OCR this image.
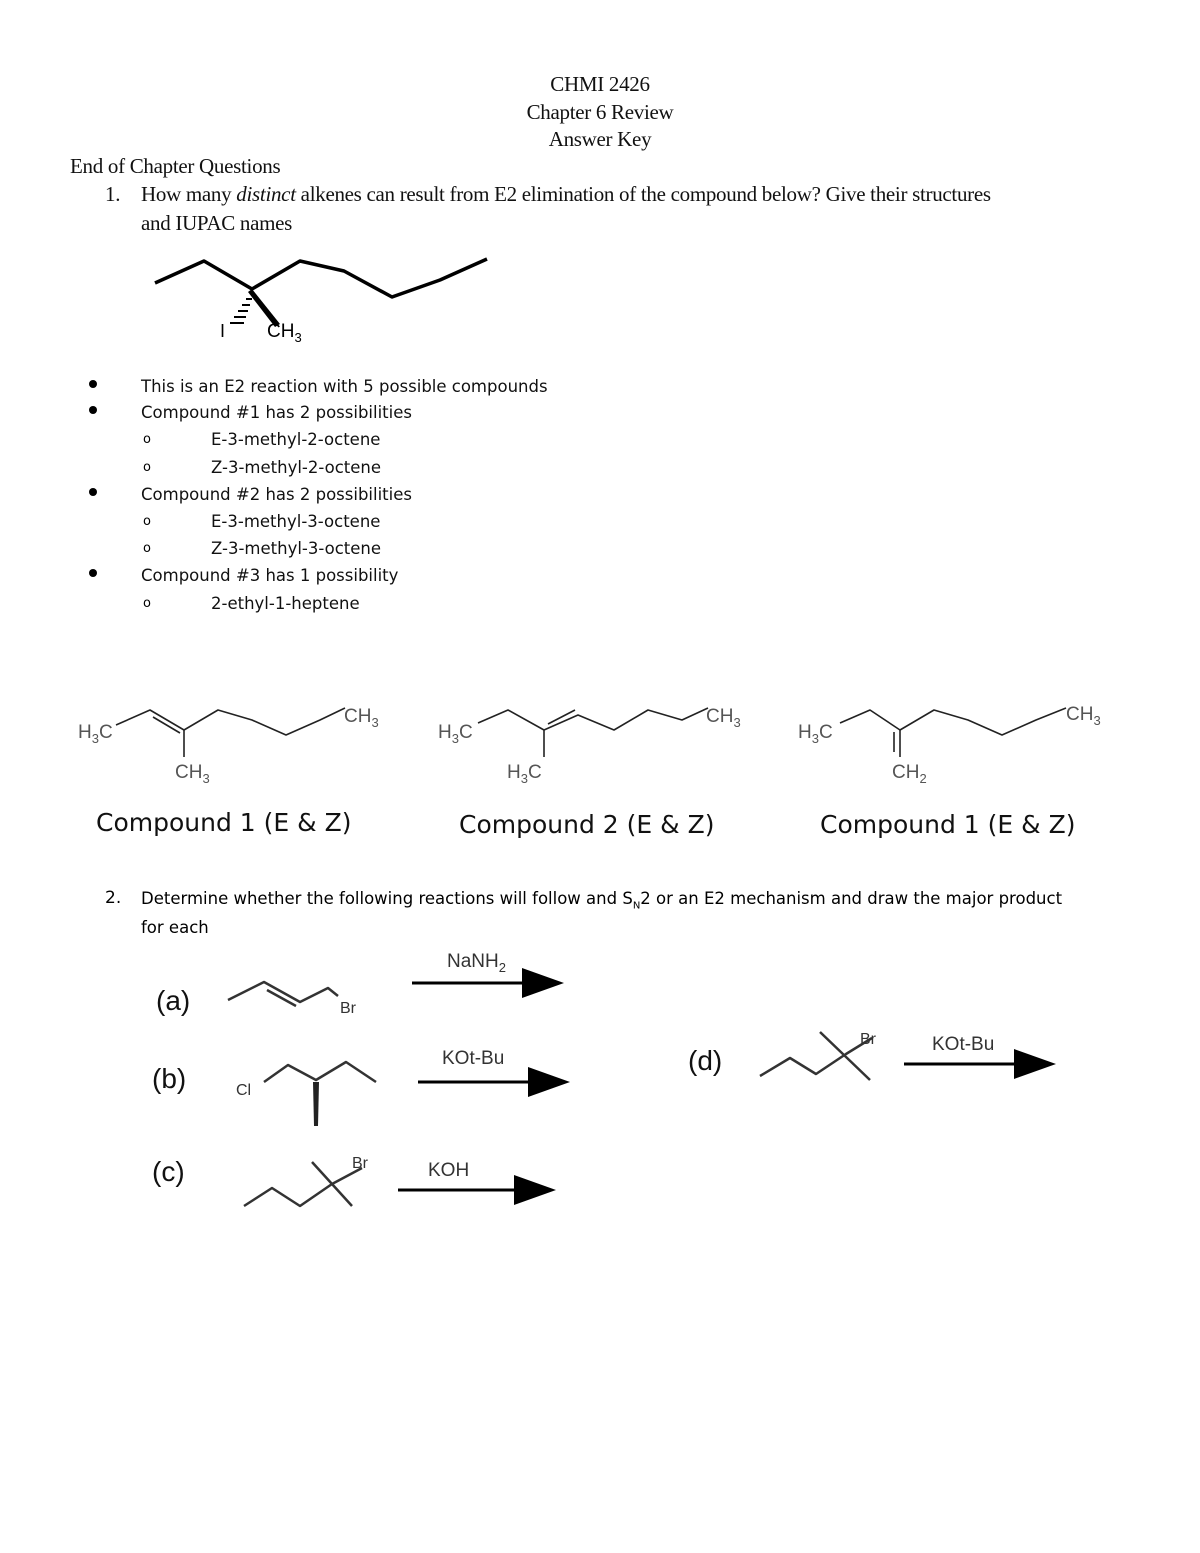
CHMI 2426
Chapter 6 Review
Answer Key
End of Chapter Questions
1. How many distinct alkenes can result from E2 elimination of the compound below? Give their structures
and IUPAC names
I $CH_3$
This is an E2 reaction with 5 possible compounds
Compound #1 has 2 possibilities
o	E-3-methyl-2-octene
o	Z-3-methyl-2-octene
Compound #2 has 2 possibilities
o	E-3-methyl-3-octene
o	Z-3-methyl-3-octene
Compound #3 has 1 possibility
o	2-ethyl-1-heptene
$H_3C$
$CH_3$
$CH_3$
$H_3C$
$CH_3$
$H_3C$
$H_3C$
$CH_3$
$CH_2$
Compound 1 (E & Z)	Compound 2 (E & Z)	Compound 1 (E & Z)
2. Determine whether the following reactions will follow and $S_N2$ or an E2 mechanism and draw the major product
for each
(a)
(b)
(c)
(d)
Br
NaNH$_2$
Cl
KOt-Bu
Br	KOH
Br	KOt-Bu
